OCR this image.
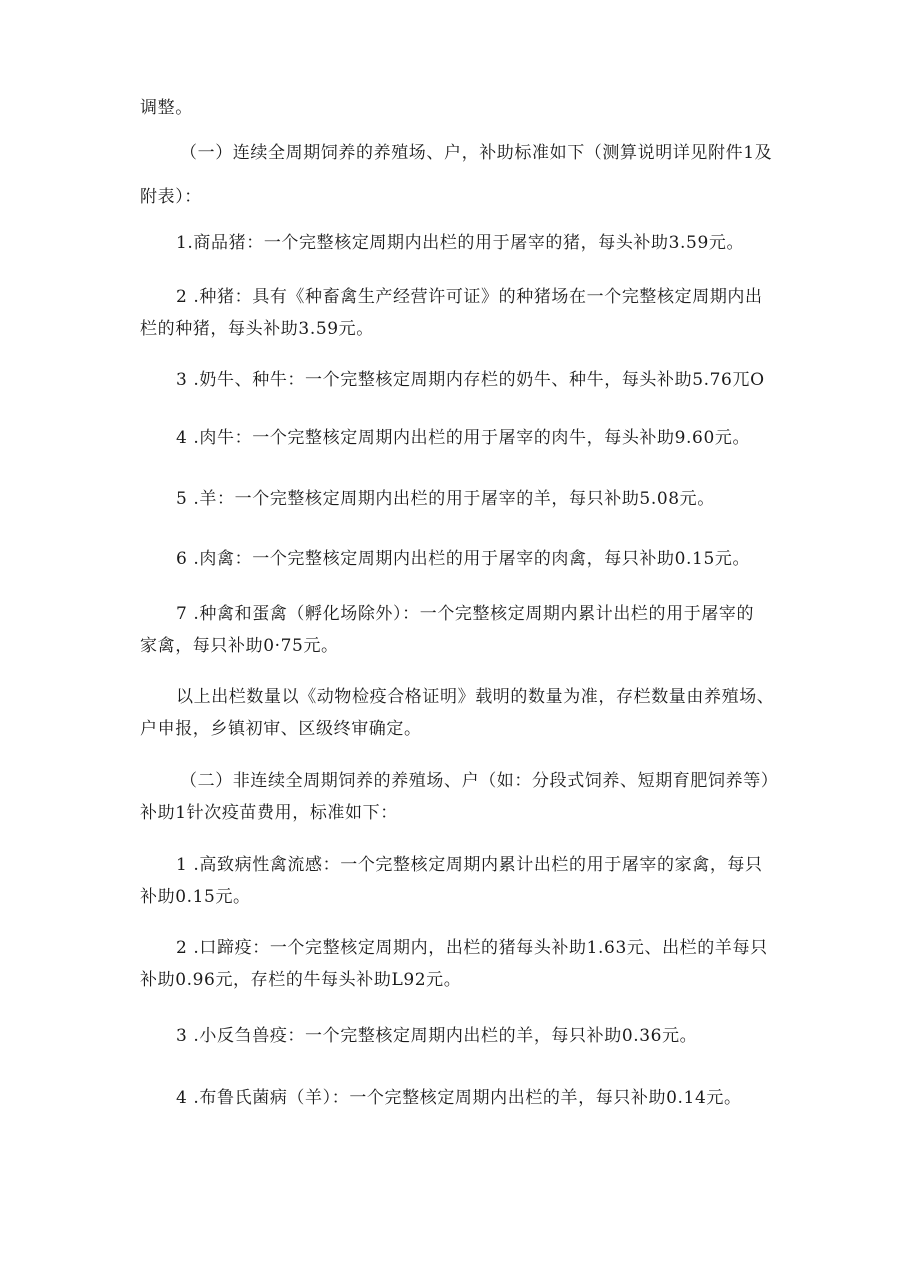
调整。
（一）连续全周期饲养的养殖场、户，补助标准如下（测算说明详见附件1及
附表）：
1.商品猪：一个完整核定周期内出栏的用于屠宰的猪，每头补助3.59元。
2 .种猪：具有《种畜禽生产经营许可证》的种猪场在一个完整核定周期内出
栏的种猪，每头补助3.59元。
3 .奶牛、种牛：一个完整核定周期内存栏的奶牛、种牛，每头补助5.76兀O
4 .肉牛：一个完整核定周期内出栏的用于屠宰的肉牛，每头补助9.60元。
5 .羊：一个完整核定周期内出栏的用于屠宰的羊，每只补助5.08元。
6 .肉禽：一个完整核定周期内出栏的用于屠宰的肉禽，每只补助0.15元。
7 .种禽和蛋禽（孵化场除外）：一个完整核定周期内累计出栏的用于屠宰的
家禽，每只补助0·75元。
以上出栏数量以《动物检疫合格证明》载明的数量为准，存栏数量由养殖场、
户申报，乡镇初审、区级终审确定。
（二）非连续全周期饲养的养殖场、户（如：分段式饲养、短期育肥饲养等）
补助1针次疫苗费用，标准如下：
1 .高致病性禽流感：一个完整核定周期内累计出栏的用于屠宰的家禽，每只
补助0.15元。
2 .口蹄疫：一个完整核定周期内，出栏的猪每头补助1.63元、出栏的羊每只
补助0.96元，存栏的牛每头补助L92元。
3 .小反刍兽疫：一个完整核定周期内出栏的羊，每只补助0.36元。
4 .布鲁氏菌病（羊）：一个完整核定周期内出栏的羊，每只补助0.14元。
